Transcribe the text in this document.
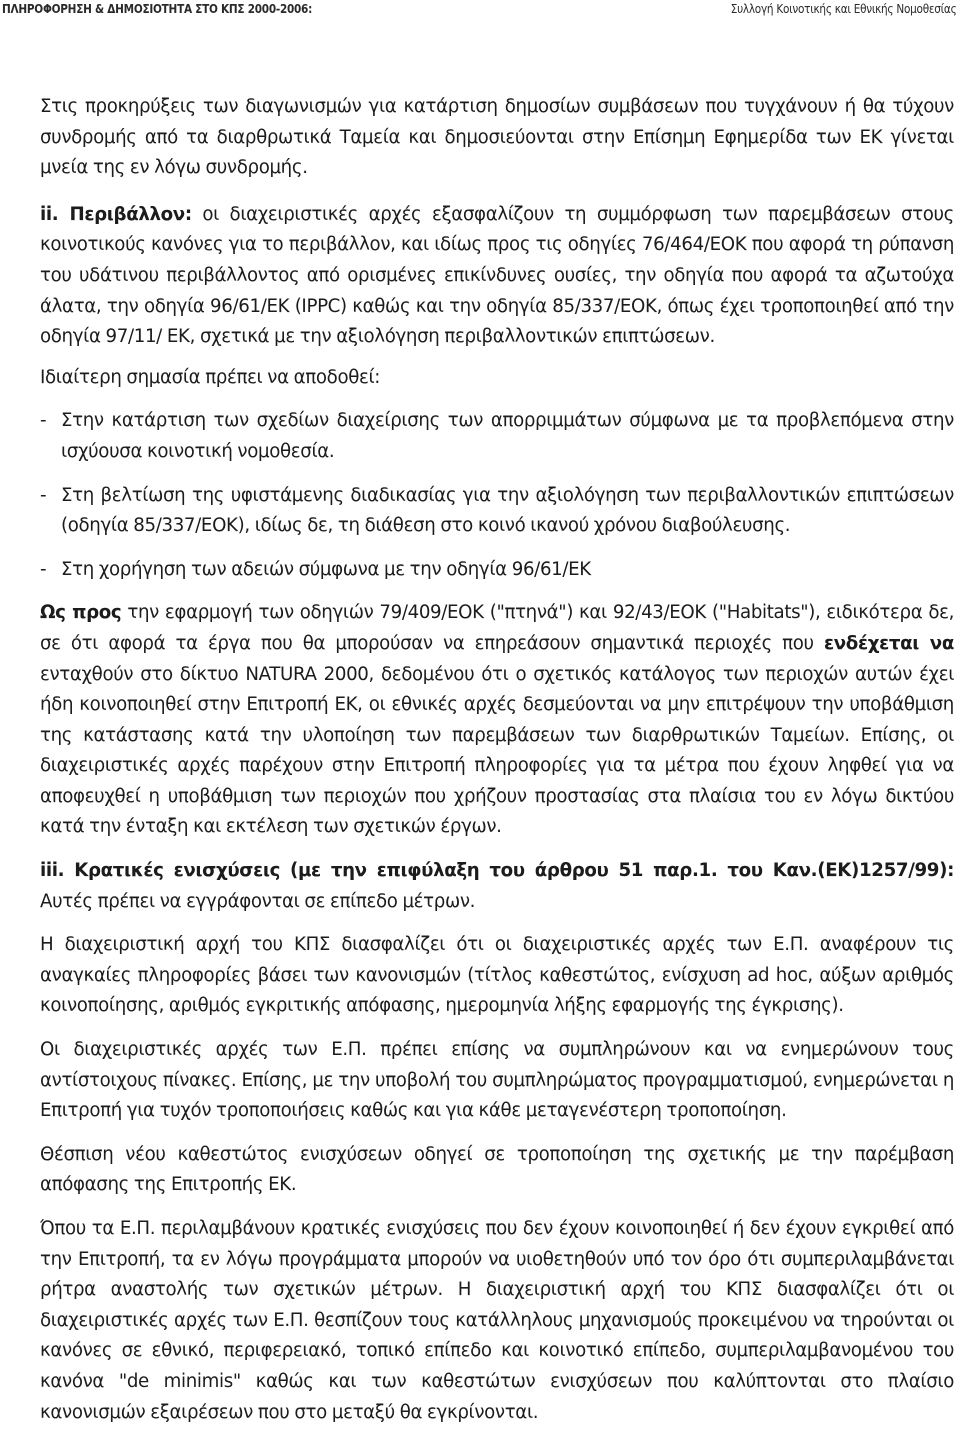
ΠΛΗΡΟΦΟΡΗΣΗ & ΔΗΜΟΣΙΟΤΗΤΑ ΣΤΟ ΚΠΣ 2000-2006:	Συλλογή Κοινοτικής και Εθνικής Νομοθεσίας

Στις προκηρύξεις των διαγωνισμών για κατάρτιση δημοσίων συμβάσεων που τυγχάνουν ή θα τύχουν συνδρομής από τα διαρθρωτικά Ταμεία και δημοσιεύονται στην Επίσημη Εφημερίδα των ΕΚ γίνεται μνεία της εν λόγω συνδρομής.

ii. Περιβάλλον: οι διαχειριστικές αρχές εξασφαλίζουν τη συμμόρφωση των παρεμβάσεων στους κοινοτικούς κανόνες για το περιβάλλον, και ιδίως προς τις οδηγίες 76/464/ΕΟΚ που αφορά τη ρύπανση του υδάτινου περιβάλλοντος από ορισμένες επικίνδυνες ουσίες, την οδηγία που αφορά τα αζωτούχα άλατα, την οδηγία 96/61/ΕΚ (IPPC) καθώς και την οδηγία 85/337/ΕΟΚ, όπως έχει τροποποιηθεί από την οδηγία 97/11/ ΕΚ, σχετικά με την αξιολόγηση περιβαλλοντικών επιπτώσεων.

Ιδιαίτερη σημασία πρέπει να αποδοθεί:

- Στην κατάρτιση των σχεδίων διαχείρισης των απορριμμάτων σύμφωνα με τα προβλεπόμενα στην ισχύουσα κοινοτική νομοθεσία.
- Στη βελτίωση της υφιστάμενης διαδικασίας για την αξιολόγηση των περιβαλλοντικών επιπτώσεων (οδηγία 85/337/ΕΟΚ), ιδίως δε, τη διάθεση στο κοινό ικανού χρόνου διαβούλευσης.
- Στη χορήγηση των αδειών σύμφωνα με την οδηγία 96/61/ΕΚ

Ως προς την εφαρμογή των οδηγιών 79/409/ΕΟΚ ("πτηνά") και 92/43/ΕΟΚ ("Habitats"), ειδικότερα δε, σε ότι αφορά τα έργα που θα μπορούσαν να επηρεάσουν σημαντικά περιοχές που ενδέχεται να ενταχθούν στο δίκτυο NATURA 2000, δεδομένου ότι ο σχετικός κατάλογος των περιοχών αυτών έχει ήδη κοινοποιηθεί στην Επιτροπή ΕΚ, οι εθνικές αρχές δεσμεύονται να μην επιτρέψουν την υποβάθμιση της κατάστασης κατά την υλοποίηση των παρεμβάσεων των διαρθρωτικών Ταμείων. Επίσης, οι διαχειριστικές αρχές παρέχουν στην Επιτροπή πληροφορίες για τα μέτρα που έχουν ληφθεί για να αποφευχθεί η υποβάθμιση των περιοχών που χρήζουν προστασίας στα πλαίσια του εν λόγω δικτύου κατά την ένταξη και εκτέλεση των σχετικών έργων.

iii. Κρατικές ενισχύσεις (με την επιφύλαξη του άρθρου 51 παρ.1. του Καν.(ΕΚ)1257/99): Αυτές πρέπει να εγγράφονται σε επίπεδο μέτρων.

Η διαχειριστική αρχή του ΚΠΣ διασφαλίζει ότι οι διαχειριστικές αρχές των Ε.Π. αναφέρουν τις αναγκαίες πληροφορίες βάσει των κανονισμών (τίτλος καθεστώτος, ενίσχυση ad hoc, αύξων αριθμός κοινοποίησης, αριθμός εγκριτικής απόφασης, ημερομηνία λήξης εφαρμογής της έγκρισης).

Οι διαχειριστικές αρχές των Ε.Π. πρέπει επίσης να συμπληρώνουν και να ενημερώνουν τους αντίστοιχους πίνακες. Επίσης, με την υποβολή του συμπληρώματος προγραμματισμού, ενημερώνεται η Επιτροπή για τυχόν τροποποιήσεις καθώς και για κάθε μεταγενέστερη τροποποίηση.

Θέσπιση νέου καθεστώτος ενισχύσεων οδηγεί σε τροποποίηση της σχετικής με την παρέμβαση απόφασης της Επιτροπής ΕΚ.

Όπου τα Ε.Π. περιλαμβάνουν κρατικές ενισχύσεις που δεν έχουν κοινοποιηθεί ή δεν έχουν εγκριθεί από την Επιτροπή, τα εν λόγω προγράμματα μπορούν να υιοθετηθούν υπό τον όρο ότι συμπεριλαμβάνεται ρήτρα αναστολής των σχετικών μέτρων. Η διαχειριστική αρχή του ΚΠΣ διασφαλίζει ότι οι διαχειριστικές αρχές των Ε.Π. θεσπίζουν τους κατάλληλους μηχανισμούς προκειμένου να τηρούνται οι κανόνες σε εθνικό, περιφερειακό, τοπικό επίπεδο και κοινοτικό επίπεδο, συμπεριλαμβανομένου του κανόνα "de minimis" καθώς και των καθεστώτων ενισχύσεων που καλύπτονται στο πλαίσιο κανονισμών εξαιρέσεων που στο μεταξύ θα εγκρίνονται.
